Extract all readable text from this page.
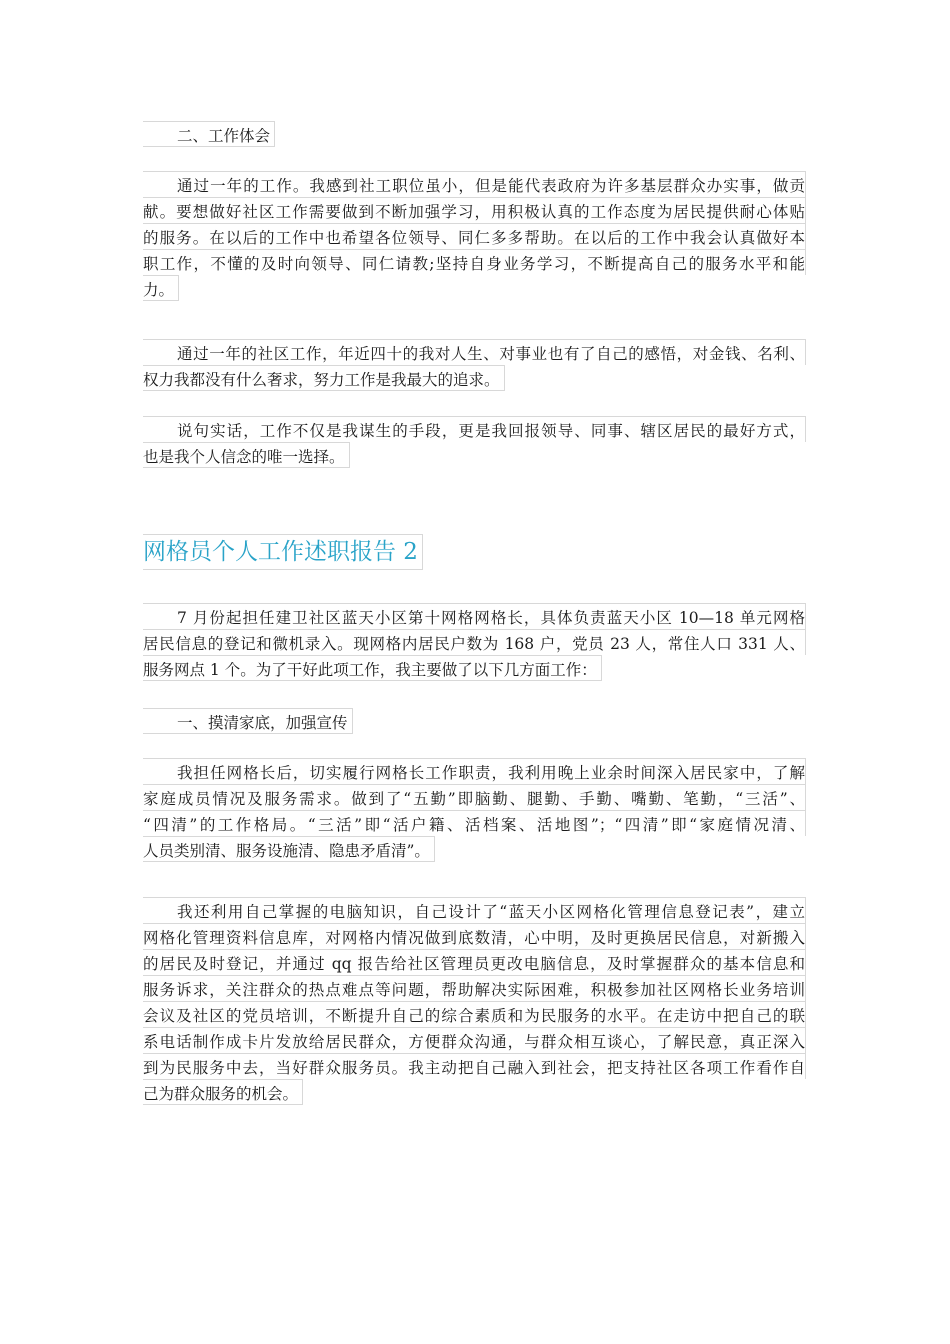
二、工作体会
通过一年的工作。我感到社工职位虽小，但是能代表政府为许多基层群众办实事，做贡
献。要想做好社区工作需要做到不断加强学习，用积极认真的工作态度为居民提供耐心体贴
的服务。在以后的工作中也希望各位领导、同仁多多帮助。在以后的工作中我会认真做好本
职工作，不懂的及时向领导、同仁请教;坚持自身业务学习，不断提高自己的服务水平和能
力。
通过一年的社区工作，年近四十的我对人生、对事业也有了自己的感悟，对金钱、名利、
权力我都没有什么奢求，努力工作是我最大的追求。
说句实话，工作不仅是我谋生的手段，更是我回报领导、同事、辖区居民的最好方式，
也是我个人信念的唯一选择。
网格员个人工作述职报告 2
7 月份起担任建卫社区蓝天小区第十网格网格长，具体负责蓝天小区 10—18 单元网格
居民信息的登记和微机录入。现网格内居民户数为 168 户，党员 23 人，常住人口 331 人、
服务网点 1 个。为了干好此项工作，我主要做了以下几方面工作：
一、摸清家底，加强宣传
我担任网格长后，切实履行网格长工作职责，我利用晚上业余时间深入居民家中，了解
家庭成员情况及服务需求。做到了“五勤”即脑勤、腿勤、手勤、嘴勤、笔勤，“三活”、
“四清”的工作格局。“三活”即“活户籍、活档案、活地图”；“四清”即“家庭情况清、
人员类别清、服务设施清、隐患矛盾清”。
我还利用自己掌握的电脑知识，自己设计了“蓝天小区网格化管理信息登记表”，建立
网格化管理资料信息库，对网格内情况做到底数清，心中明，及时更换居民信息，对新搬入
的居民及时登记，并通过 qq 报告给社区管理员更改电脑信息，及时掌握群众的基本信息和
服务诉求，关注群众的热点难点等问题，帮助解决实际困难，积极参加社区网格长业务培训
会议及社区的党员培训，不断提升自己的综合素质和为民服务的水平。在走访中把自己的联
系电话制作成卡片发放给居民群众，方便群众沟通，与群众相互谈心，了解民意，真正深入
到为民服务中去，当好群众服务员。我主动把自己融入到社会，把支持社区各项工作看作自
己为群众服务的机会。
